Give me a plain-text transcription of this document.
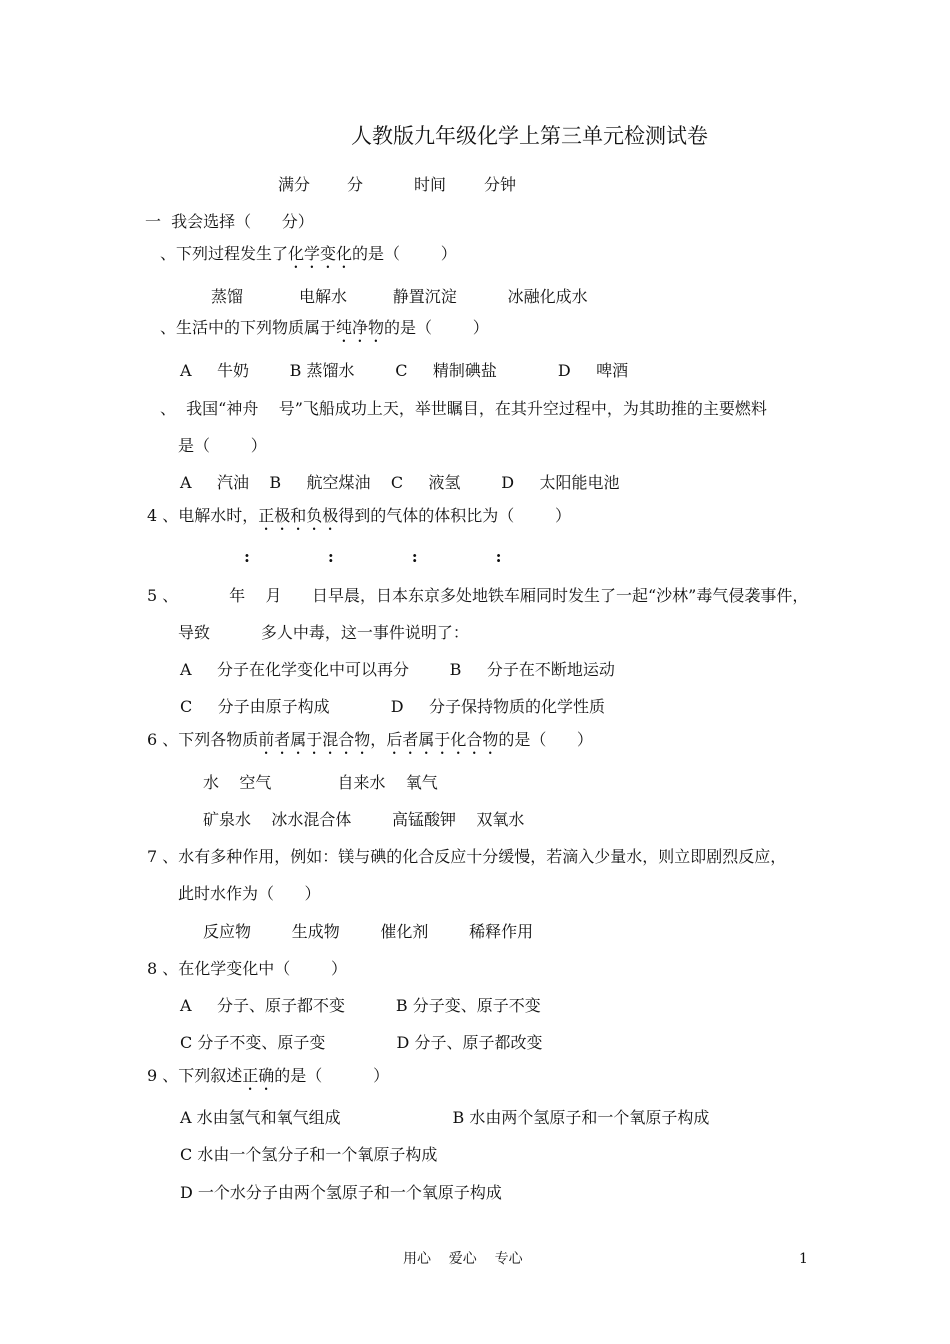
人教版九年级化学上第三单元检测试卷
满分 分	时间 分钟
一  我会选择（      分）
、下列过程发生了化学变化的是（        ）
蒸馏           电解水         静置沉淀          冰融化成水
、生活中的下列物质属于纯净物的是（        ）
A     牛奶        B 蒸馏水        C     精制碘盐            D     啤酒
、  我国“神舟    号”飞船成功上天，举世瞩目，在其升空过程中，为其助推的主要燃料
是（        ）
A     汽油    B     航空煤油    C     液氢        D     太阳能电池
4 、电解水时，正极和负极得到的气体的体积比为（        ）
:              :              :              :
5 、          年    月      日早晨，日本东京多处地铁车厢同时发生了一起“沙林”毒气侵袭事件，
导致          多人中毒，这一事件说明了：
A     分子在化学变化中可以再分        B     分子在不断地运动
C     分子由原子构成            D     分子保持物质的化学性质
6 、下列各物质前者属于混合物，后者属于化合物的是（      ）
水    空气             自来水    氧气
矿泉水    冰水混合体        高锰酸钾    双氧水
7 、水有多种作用，例如：镁与碘的化合反应十分缓慢，若滴入少量水，则立即剧烈反应，
此时水作为（      ）
反应物        生成物        催化剂        稀释作用
8 、在化学变化中（        ）
A     分子、原子都不变          B 分子变、原子不变
C 分子不变、原子变              D 分子、原子都改变
9 、下列叙述正确的是（          ）
A 水由氢气和氧气组成                      B 水由两个氢原子和一个氧原子构成
C 水由一个氢分子和一个氧原子构成
D 一个水分子由两个氢原子和一个氧原子构成
用心    爱心    专心	1
